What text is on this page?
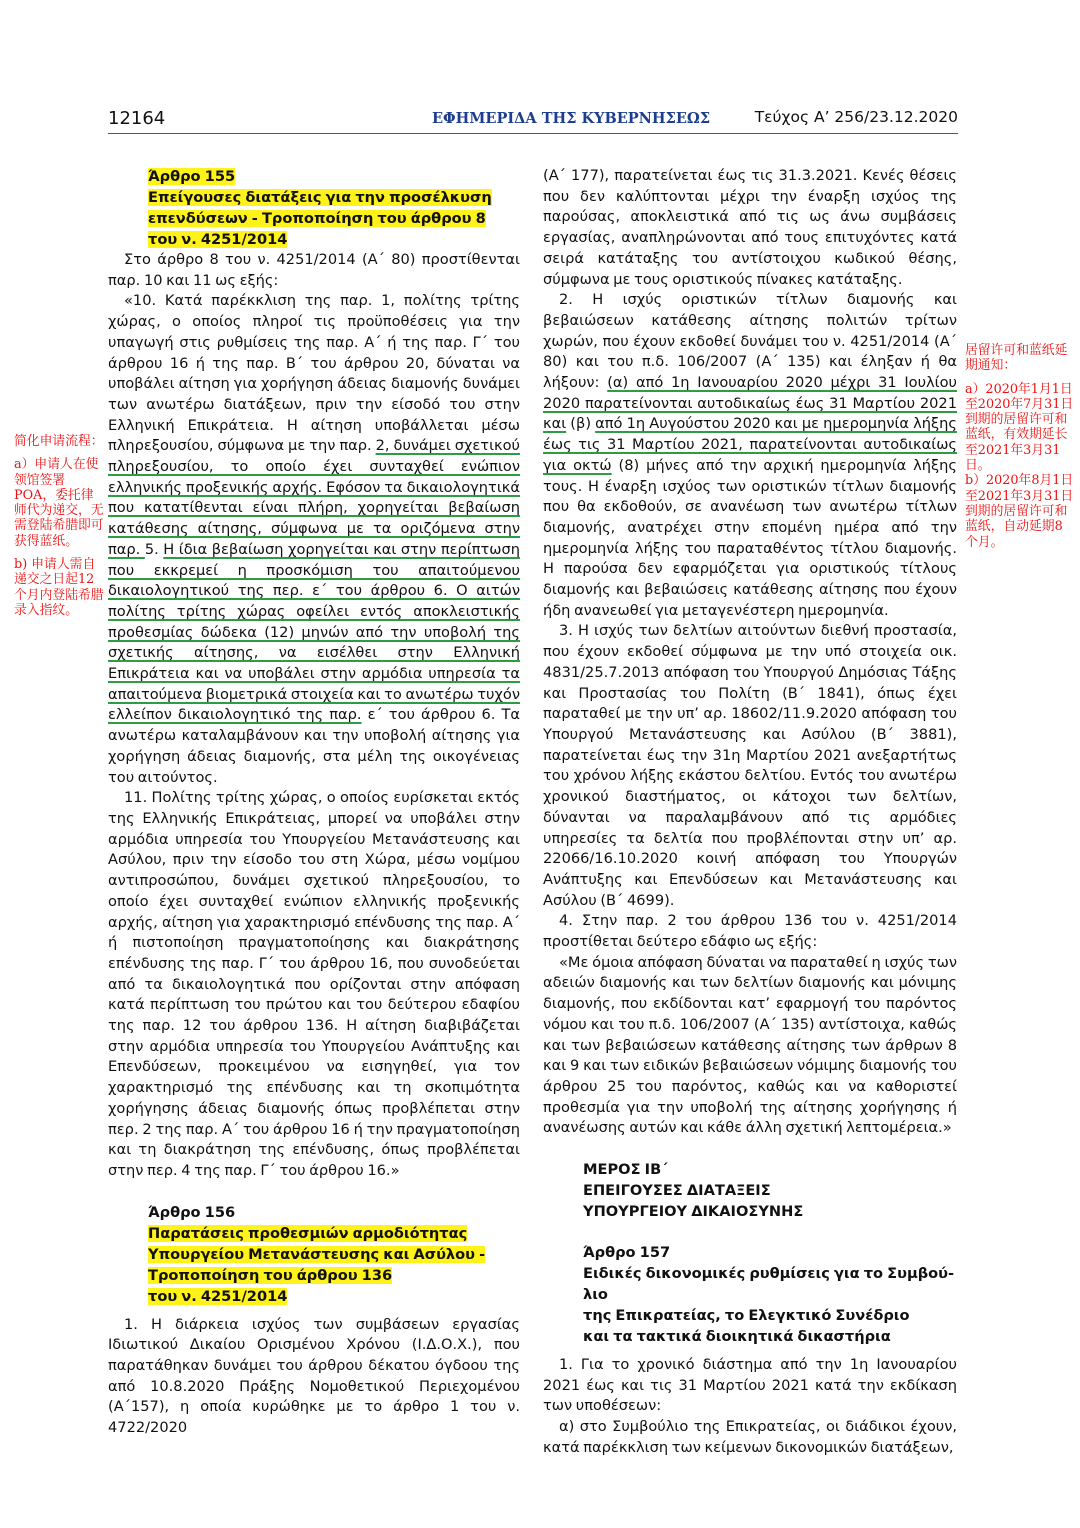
12164	ΕΦΗΜΕΡΙΔΑ ΤΗΣ ΚΥΒΕΡΝΗΣΕΩΣ	Τεύχος A’ 256/23.12.2020
Άρθρο 155
Επείγουσες διατάξεις για την προσέλκυση
επενδύσεων - Τροποποίηση του άρθρου 8
του ν. 4251/2014

Στο άρθρο 8 του ν. 4251/2014 (Α΄ 80) προστίθενται παρ. 10 και 11 ως εξής:

«10. Κατά παρέκκλιση της παρ. 1, πολίτης τρίτης χώρας, ο οποίος πληροί τις προϋποθέσεις για την υπαγωγή στις ρυθμίσεις της παρ. Α΄ ή της παρ. Γ΄ του άρθρου 16 ή της παρ. Β΄ του άρθρου 20, δύναται να υποβάλει αίτηση για χορήγηση άδειας διαμονής δυνάμει των ανωτέρω διατάξεων, πριν την είσοδό του στην Ελληνική Επικράτεια. Η αίτηση υποβάλλεται μέσω πληρεξουσίου, σύμφωνα με την παρ. 2, δυνάμει σχετικού πληρεξουσίου, το οποίο έχει συνταχθεί ενώπιον ελληνικής προξενικής αρχής. Εφόσον τα δικαιολογητικά που κατατίθενται είναι πλήρη, χορηγείται βεβαίωση κατάθεσης αίτησης, σύμφωνα με τα οριζόμενα στην παρ. 5. Η ίδια βεβαίωση χορηγείται και στην περίπτωση που εκκρεμεί η προσκόμιση του απαιτούμενου δικαιολογητικού της περ. ε΄ του άρθρου 6. Ο αιτών πολίτης τρίτης χώρας οφείλει εντός αποκλειστικής προθεσμίας δώδεκα (12) μηνών από την υποβολή της σχετικής αίτησης, να εισέλθει στην Ελληνική Επικράτεια και να υποβάλει στην αρμόδια υπηρεσία τα απαιτούμενα βιομετρικά στοιχεία και το ανωτέρω τυχόν ελλείπον δικαιολογητικό της παρ. ε΄ του άρθρου 6. Τα ανωτέρω καταλαμβάνουν και την υποβολή αίτησης για χορήγηση άδειας διαμονής, στα μέλη της οικογένειας του αιτούντος.

11. Πολίτης τρίτης χώρας, ο οποίος ευρίσκεται εκτός της Ελληνικής Επικράτειας, μπορεί να υποβάλει στην αρμόδια υπηρεσία του Υπουργείου Μετανάστευσης και Ασύλου, πριν την είσοδο του στη Χώρα, μέσω νομίμου αντιπροσώπου, δυνάμει σχετικού πληρεξουσίου, το οποίο έχει συνταχθεί ενώπιον ελληνικής προξενικής αρχής, αίτηση για χαρακτηρισμό επένδυσης της παρ. Α΄ ή πιστοποίηση πραγματοποίησης και διακράτησης επένδυσης της παρ. Γ΄ του άρθρου 16, που συνοδεύεται από τα δικαιολογητικά που ορίζονται στην απόφαση κατά περίπτωση του πρώτου και του δεύτερου εδαφίου της παρ. 12 του άρθρου 136. Η αίτηση διαβιβάζεται στην αρμόδια υπηρεσία του Υπουργείου Ανάπτυξης και Επενδύσεων, προκειμένου να εισηγηθεί, για τον χαρακτηρισμό της επένδυσης και τη σκοπιμότητα χορήγησης άδειας διαμονής όπως προβλέπεται στην περ. 2 της παρ. Α΄ του άρθρου 16 ή την πραγματοποίηση και τη διακράτηση της επένδυσης, όπως προβλέπεται στην περ. 4 της παρ. Γ΄ του άρθρου 16.»

Άρθρο 156
Παρατάσεις προθεσμιών αρμοδιότητας
Υπουργείου Μετανάστευσης και Ασύλου -
Τροποποίηση του άρθρου 136
του ν. 4251/2014

1. Η διάρκεια ισχύος των συμβάσεων εργασίας Ιδιωτικού Δικαίου Ορισμένου Χρόνου (Ι.Δ.Ο.Χ.), που παρατάθηκαν δυνάμει του άρθρου δέκατου όγδοου της από 10.8.2020 Πράξης Νομοθετικού Περιεχομένου (Α΄157), η οποία κυρώθηκε με το άρθρο 1 του ν. 4722/2020

(Α΄ 177), παρατείνεται έως τις 31.3.2021. Κενές θέσεις που δεν καλύπτονται μέχρι την έναρξη ισχύος της παρούσας, αποκλειστικά από τις ως άνω συμβάσεις εργασίας, αναπληρώνονται από τους επιτυχόντες κατά σειρά κατάταξης του αντίστοιχου κωδικού θέσης, σύμφωνα με τους οριστικούς πίνακες κατάταξης.

2. Η ισχύς οριστικών τίτλων διαμονής και βεβαιώσεων κατάθεσης αίτησης πολιτών τρίτων χωρών, που έχουν εκδοθεί δυνάμει του ν. 4251/2014 (Α΄ 80) και του π.δ. 106/2007 (Α΄ 135) και έληξαν ή θα λήξουν: (α) από 1η Ιανουαρίου 2020 μέχρι 31 Ιουλίου 2020 παρατείνονται αυτοδικαίως έως 31 Μαρτίου 2021 και (β) από 1η Αυγούστου 2020 και με ημερομηνία λήξης έως τις 31 Μαρτίου 2021, παρατείνονται αυτοδικαίως για οκτώ (8) μήνες από την αρχική ημερομηνία λήξης τους. Η έναρξη ισχύος των οριστικών τίτλων διαμονής που θα εκδοθούν, σε ανανέωση των ανωτέρω τίτλων διαμονής, ανατρέχει στην επομένη ημέρα από την ημερομηνία λήξης του παραταθέντος τίτλου διαμονής. Η παρούσα δεν εφαρμόζεται για οριστικούς τίτλους διαμονής και βεβαιώσεις κατάθεσης αίτησης που έχουν ήδη ανανεωθεί για μεταγενέστερη ημερομηνία.

3. Η ισχύς των δελτίων αιτούντων διεθνή προστασία, που έχουν εκδοθεί σύμφωνα με την υπό στοιχεία οικ. 4831/25.7.2013 απόφαση του Υπουργού Δημόσιας Τάξης και Προστασίας του Πολίτη (Β΄ 1841), όπως έχει παραταθεί με την υπ’ αρ. 18602/11.9.2020 απόφαση του Υπουργού Μετανάστευσης και Ασύλου (Β΄ 3881), παρατείνεται έως την 31η Μαρτίου 2021 ανεξαρτήτως του χρόνου λήξης εκάστου δελτίου. Εντός του ανωτέρω χρονικού διαστήματος, οι κάτοχοι των δελτίων, δύνανται να παραλαμβάνουν από τις αρμόδιες υπηρεσίες τα δελτία που προβλέπονται στην υπ’ αρ. 22066/16.10.2020 κοινή απόφαση του Υπουργών Ανάπτυξης και Επενδύσεων και Μετανάστευσης και Ασύλου (Β΄ 4699).

4. Στην παρ. 2 του άρθρου 136 του ν. 4251/2014 προστίθεται δεύτερο εδάφιο ως εξής:

«Με όμοια απόφαση δύναται να παραταθεί η ισχύς των αδειών διαμονής και των δελτίων διαμονής και μόνιμης διαμονής, που εκδίδονται κατ’ εφαρμογή του παρόντος νόμου και του π.δ. 106/2007 (Α΄ 135) αντίστοιχα, καθώς και των βεβαιώσεων κατάθεσης αίτησης των άρθρων 8 και 9 και των ειδικών βεβαιώσεων νόμιμης διαμονής του άρθρου 25 του παρόντος, καθώς και να καθοριστεί προθεσμία για την υποβολή της αίτησης χορήγησης ή ανανέωσης αυτών και κάθε άλλη σχετική λεπτομέρεια.»

ΜΕΡΟΣ ΙΒ΄
ΕΠΕΙΓΟΥΣΕΣ ΔΙΑΤΑΞΕΙΣ
ΥΠΟΥΡΓΕΙΟΥ ΔΙΚΑΙΟΣΥΝΗΣ
Άρθρο 157
Ειδικές δικονομικές ρυθμίσεις για το Συμβού-
λιο
της Επικρατείας, το Ελεγκτικό Συνέδριο
και τα τακτικά διοικητικά δικαστήρια

1. Για το χρονικό διάστημα από την 1η Ιανουαρίου 2021 έως και τις 31 Μαρτίου 2021 κατά την εκδίκαση των υποθέσεων:

α) στο Συμβούλιο της Επικρατείας, οι διάδικοι έχουν, κατά παρέκκλιση των κείμενων δικονομικών διατάξεων,

简化申请流程：

a）申请人在使领馆签署POA，委托律师代为递交，无需登陆希腊即可获得蓝纸。

b) 申请人需自递交之日起12个月内登陆希腊录入指纹。

居留许可和蓝纸延期通知：

a）2020年1月1日至2020年7月31日到期的居留许可和蓝纸，有效期延长至2021年3月31日。

b）2020年8月1日至2021年3月31日到期的居留许可和蓝纸，自动延期8个月。
